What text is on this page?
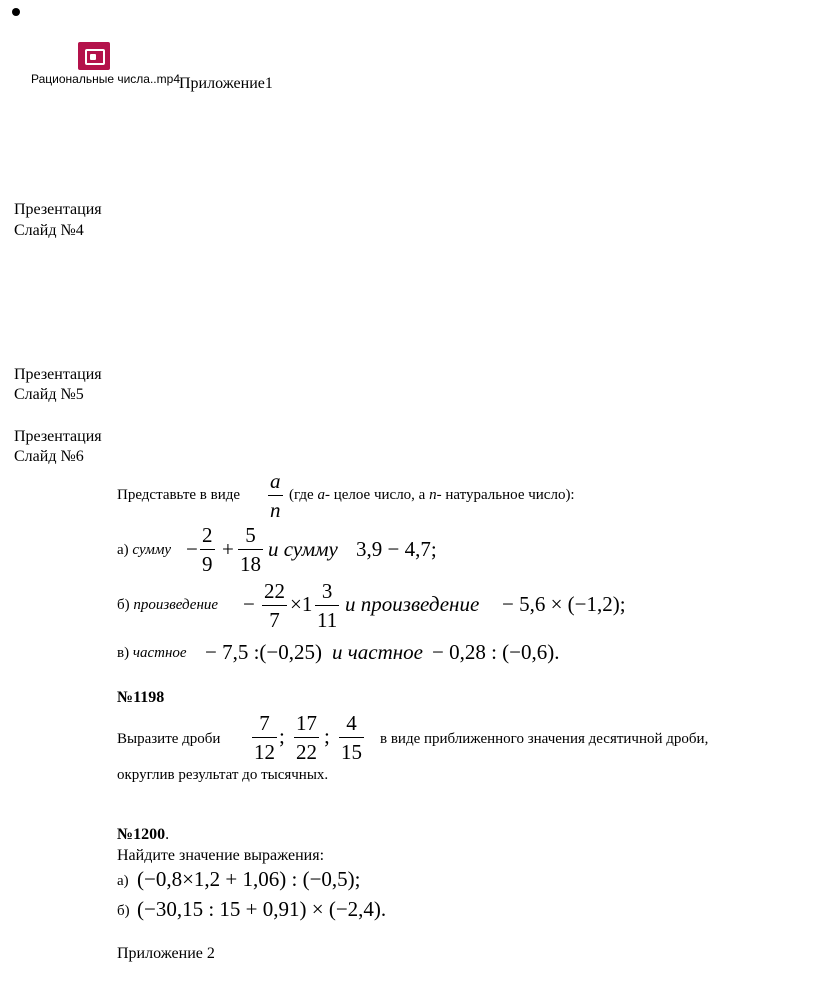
Рациональные числа..mp4 Приложение1
Презентация
Слайд №4
Презентация
Слайд №5
Презентация
Слайд №6
Представьте в виде
a
n
(где a- целое число, а n- натуральное число):
а) сумму −
2
9
+
5
18
и сумму 3,9 − 4,7;
б) произведение −
22
7
×1
3
11
и произведение − 5,6 × (−1,2);
в) частное − 7,5 :(−0,25) и частное − 0,28 : (−0,6).
№1198
Выразите дроби
7
12
;
17
22
;
4
15
в виде приближенного значения десятичной дроби,
округлив результат до тысячных.
№1200.
Найдите значение выражения:
а) (−0,8×1,2 + 1,06) : (−0,5);
б) (−30,15 : 15 + 0,91) × (−2,4).
Приложение 2
